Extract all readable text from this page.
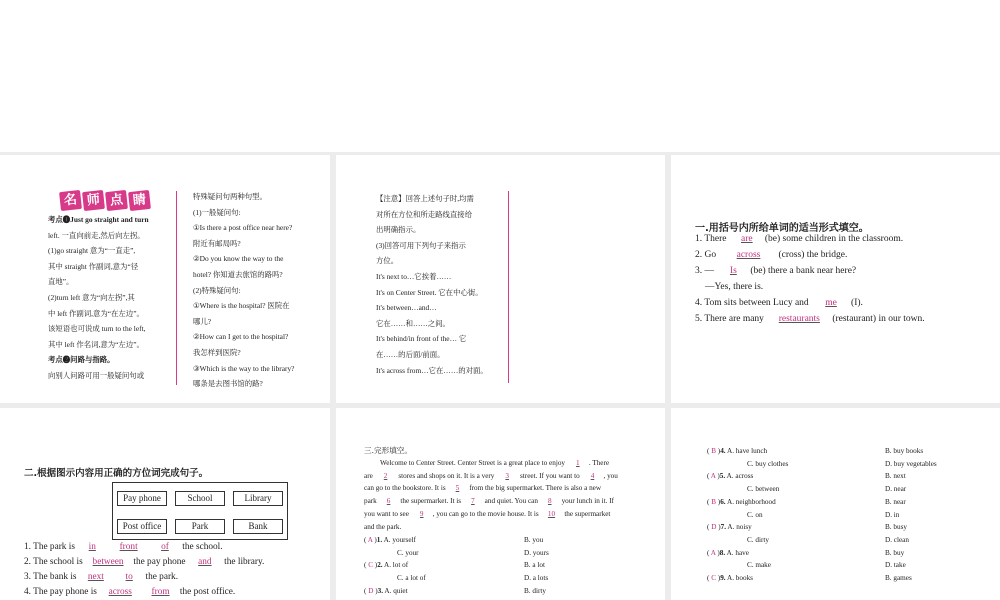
名 师 点 睛
考点❶Just go straight and turn
left. 一直向前走,然后向左拐。
(1)go straight 意为“一直走”,
其中 straight 作副词,意为“径
直地”。
(2)turn left 意为“向左拐”,其
中 left 作副词,意为“在左边”。
该短语也可说成 turn to the left,
其中 left 作名词,意为“左边”。
考点❷问路与指路。
向别人问路可用一般疑问句或
特殊疑问句两种句型。
(1)一般疑问句:
①Is there a post office near here?
附近有邮局吗?
②Do you know the way to the
hotel? 你知道去旅馆的路吗?
(2)特殊疑问句:
①Where is the hospital? 医院在
哪儿?
②How can I get to the hospital?
我怎样到医院?
③Which is the way to the library?
哪条是去图书馆的路?
【注意】回答上述句子时,均需
对所在方位和所走路线直接给
出明确指示。
(3)回答可用下列句子来指示
方位。
It's next to…它挨着……
It's on Center Street. 它在中心街。
It's between…and…
它在……和……之间。
It's behind/in front of the… 它
在……的后面/前面。
It's across from…它在……的对面。
一.用括号内所给单词的适当形式填空。
1. There are (be) some children in the classroom.
2. Go across (cross) the bridge.
3. — Is (be) there a bank near here?
—Yes, there is.
4. Tom sits between Lucy and me (I).
5. There are many restaurants (restaurant) in our town.
二.根据图示内容用正确的方位词完成句子。
Pay phone	School	Library
Post office	Park	Bank
1. The park is in	front	of the school.
2. The school is between the pay phone and the library.
3. The bank is next to the park.
4. The pay phone is across from the post office.
三.完形填空。
Welcome to Center Street. Center Street is a great place to enjoy 1 . There
are 2 stores and shops on it. It is a very 3 street. If you want to 4 , you
can go to the bookstore. It is 5 from the big supermarket. There is also a new
park 6 the supermarket. It is 7 and quiet. You can 8 your lunch in it. If
you want to see 9 , you can go to the movie house. It is 10 the supermarket
and the park.
( A )1. A. yourself	B. you
C. your	D. yours
( C )2. A. lot of	B. a lot
C. a lot of	D. a lots
( D )3. A. quiet	B. dirty
( B )4. A. have lunch	B. buy books
C. buy clothes	D. buy vegetables
( A )5. A. across	B. next
C. between	D. near
( B )6. A. neighborhood	B. near
C. on	D. in
( D )7. A. noisy	B. busy
C. dirty	D. clean
( A )8. A. have	B. buy
C. make	D. take
( C )9. A. books	B. games
